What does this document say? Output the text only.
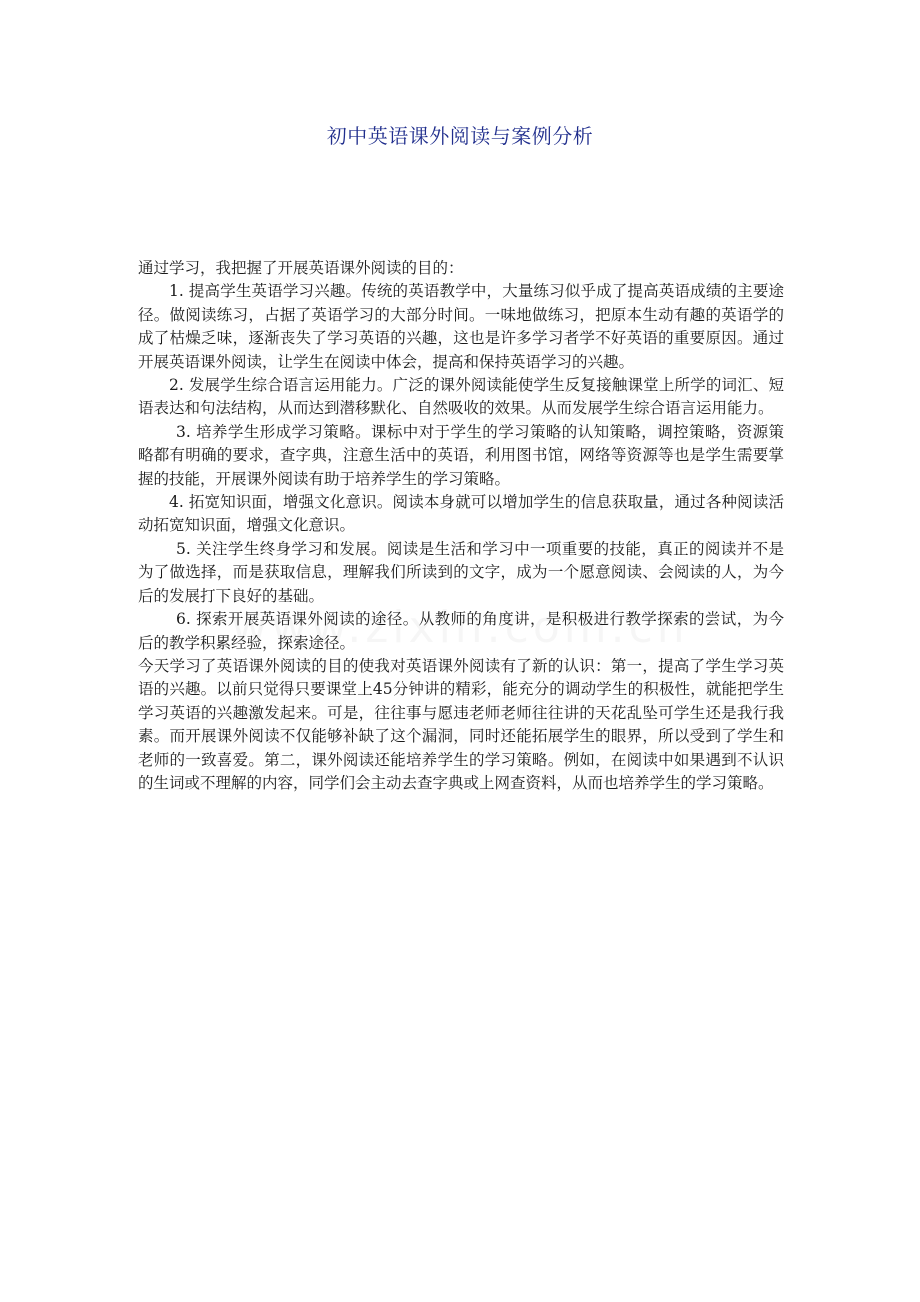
初中英语课外阅读与案例分析

通过学习，我把握了开展英语课外阅读的目的：

1. 提高学生英语学习兴趣。传统的英语教学中，大量练习似乎成了提高英语成绩的主要途径。做阅读练习，占据了英语学习的大部分时间。一味地做练习，把原本生动有趣的英语学的成了枯燥乏味，逐渐丧失了学习英语的兴趣，这也是许多学习者学不好英语的重要原因。通过开展英语课外阅读，让学生在阅读中体会，提高和保持英语学习的兴趣。

2. 发展学生综合语言运用能力。广泛的课外阅读能使学生反复接触课堂上所学的词汇、短语表达和句法结构，从而达到潜移默化、自然吸收的效果。从而发展学生综合语言运用能力。

3. 培养学生形成学习策略。课标中对于学生的学习策略的认知策略，调控策略，资源策略都有明确的要求，查字典，注意生活中的英语，利用图书馆，网络等资源等也是学生需要掌握的技能，开展课外阅读有助于培养学生的学习策略。

4. 拓宽知识面，增强文化意识。阅读本身就可以增加学生的信息获取量，通过各种阅读活动拓宽知识面，增强文化意识。

5. 关注学生终身学习和发展。阅读是生活和学习中一项重要的技能，真正的阅读并不是为了做选择，而是获取信息，理解我们所读到的文字，成为一个愿意阅读、会阅读的人，为今后的发展打下良好的基础。

6. 探索开展英语课外阅读的途径。从教师的角度讲，是积极进行教学探索的尝试，为今后的教学积累经验，探索途径。

今天学习了英语课外阅读的目的使我对英语课外阅读有了新的认识：第一，提高了学生学习英语的兴趣。以前只觉得只要课堂上45分钟讲的精彩，能充分的调动学生的积极性，就能把学生学习英语的兴趣激发起来。可是，往往事与愿违老师老师往往讲的天花乱坠可学生还是我行我素。而开展课外阅读不仅能够补缺了这个漏洞，同时还能拓展学生的眼界，所以受到了学生和老师的一致喜爱。第二，课外阅读还能培养学生的学习策略。例如，在阅读中如果遇到不认识的生词或不理解的内容，同学们会主动去查字典或上网查资料，从而也培养学生的学习策略。
